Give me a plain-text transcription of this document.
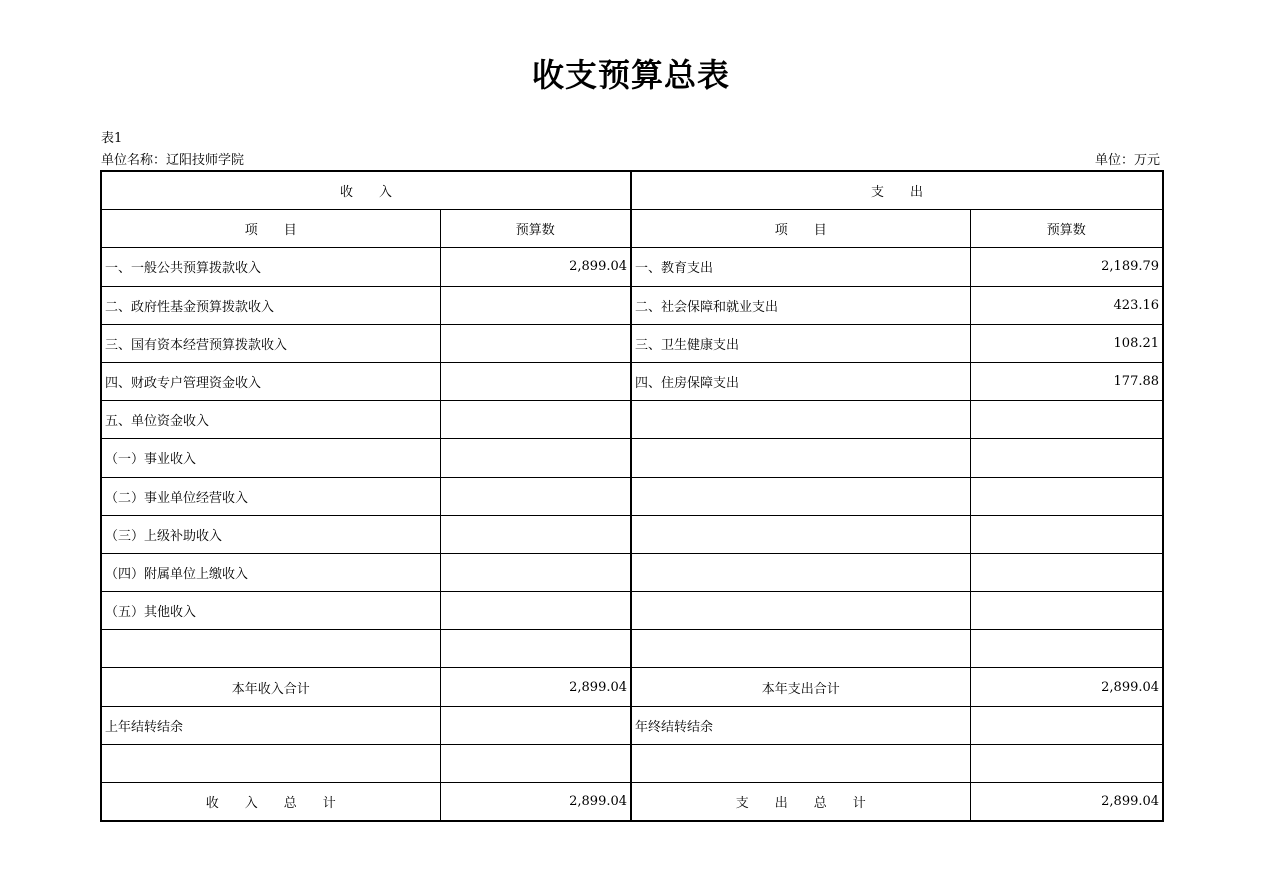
收支预算总表
表1
单位名称：辽阳技师学院	单位：万元
收　　入		支　　出	
项　　目	预算数	项　　目	预算数
一、一般公共预算拨款收入	2,899.04	一、教育支出	2,189.79
二、政府性基金预算拨款收入		二、社会保障和就业支出	423.16
三、国有资本经营预算拨款收入		三、卫生健康支出	108.21
四、财政专户管理资金收入		四、住房保障支出	177.88
五、单位资金收入			
（一）事业收入			
（二）事业单位经营收入			
（三）上级补助收入			
（四）附属单位上缴收入			
（五）其他收入			

本年收入合计	2,899.04	本年支出合计	2,899.04
上年结转结余		年终结转结余	

收　　入　　总　　计	2,899.04	支　　出　　总　　计	2,899.04
